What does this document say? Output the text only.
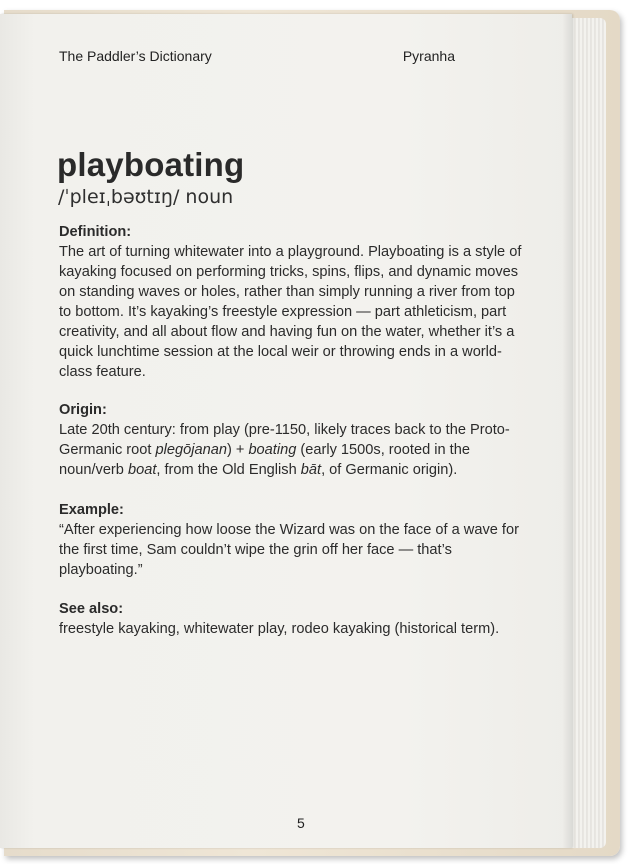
The Paddler’s Dictionary	Pyranha
playboating
/ˈpleɪˌbəʊtɪŋ/ noun
Definition:
The art of turning whitewater into a playground. Playboating is a style of kayaking focused on performing tricks, spins, flips, and dynamic moves on standing waves or holes, rather than simply running a river from top to bottom. It’s kayaking’s freestyle expression — part athleticism, part creativity, and all about flow and having fun on the water, whether it’s a quick lunchtime session at the local weir or throwing ends in a world-class feature.
Origin:
Late 20th century: from play (pre-1150, likely traces back to the Proto-Germanic root plegōjanan) + boating (early 1500s, rooted in the noun/verb boat, from the Old English bāt, of Germanic origin).
Example:
“After experiencing how loose the Wizard was on the face of a wave for the first time, Sam couldn’t wipe the grin off her face — that’s playboating.”
See also:
freestyle kayaking, whitewater play, rodeo kayaking (historical term).
5
